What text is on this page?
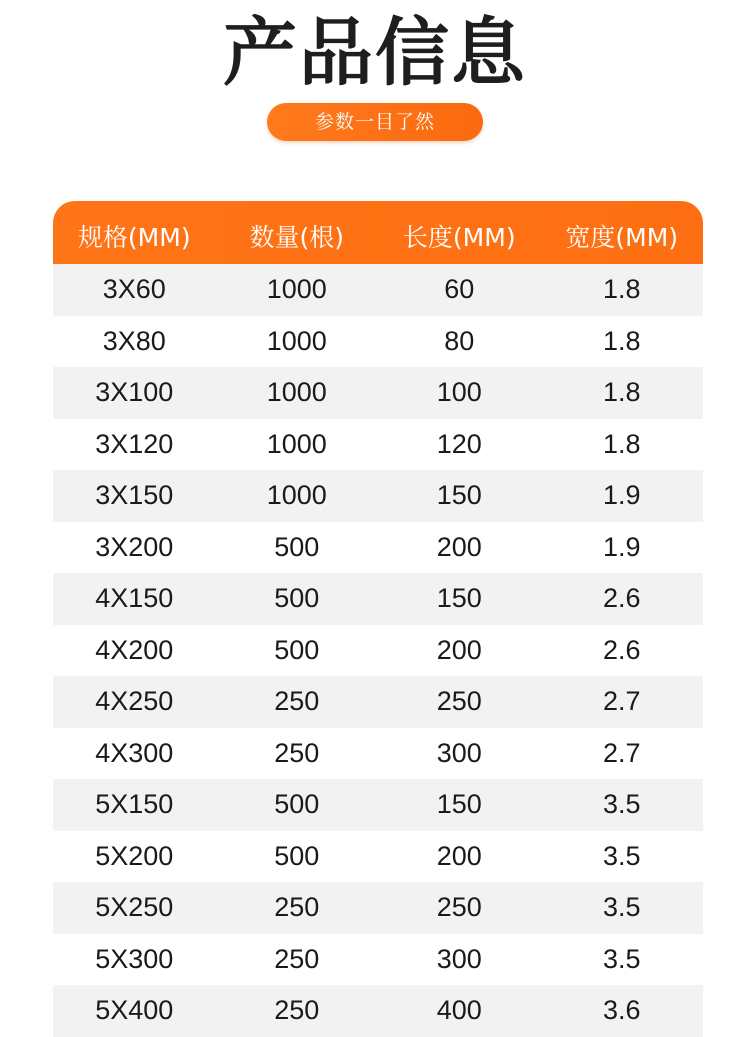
产品信息
参数一目了然
规格(MM)	数量(根)	长度(MM)	宽度(MM)
3X60	1000	60	1.8
3X80	1000	80	1.8
3X100	1000	100	1.8
3X120	1000	120	1.8
3X150	1000	150	1.9
3X200	500	200	1.9
4X150	500	150	2.6
4X200	500	200	2.6
4X250	250	250	2.7
4X300	250	300	2.7
5X150	500	150	3.5
5X200	500	200	3.5
5X250	250	250	3.5
5X300	250	300	3.5
5X400	250	400	3.6
